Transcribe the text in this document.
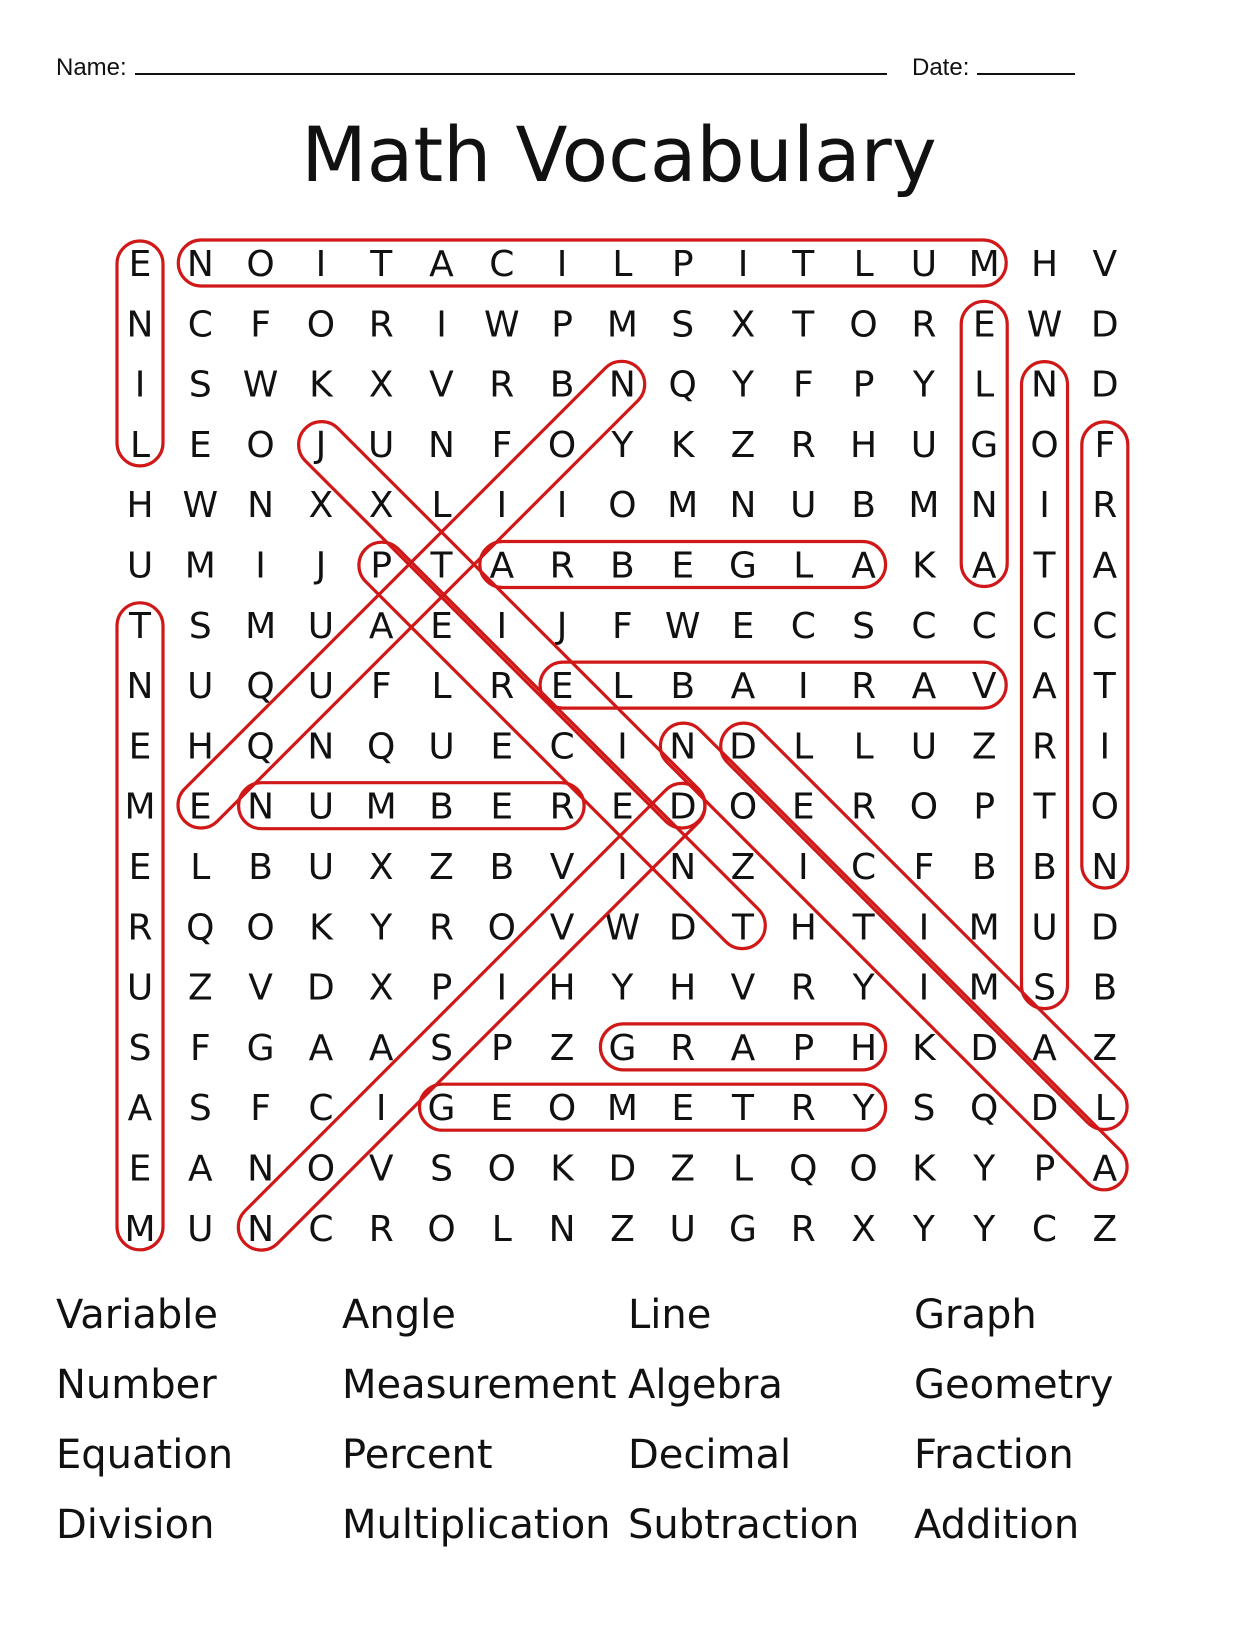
Name:	Date:
Math Vocabulary
E N O I T A C I L P I T L U M H V
N C F O R I W P M S X T O R E W D
I S W K X V R B N Q Y F P Y L N D
L E O J U N F O Y K Z R H U G O F
H W N X X L I I O M N U B M N I R
U M I J P T A R B E G L A K A T A
T S M U A E I J F W E C S C C C C
N U Q U F L R E L B A I R A V A T
E H Q N Q U E C I N D L L U Z R I
M E N U M B E R E D O E R O P T O
E L B U X Z B V I N Z I C F B B N
R Q O K Y R O V W D T H T I M U D
U Z V D X P I H Y H V R Y I M S B
S F G A A S P Z G R A P H K D A Z
A S F C I G E O M E T R Y S Q D L
E A N O V S O K D Z L Q O K Y P A
M U N C R O L N Z U G R X Y Y C Z
Variable	Angle	Line	Graph
Number	Measurement Algebra	Geometry
Equation	Percent	Decimal	Fraction
Division	Multiplication Subtraction	Addition
